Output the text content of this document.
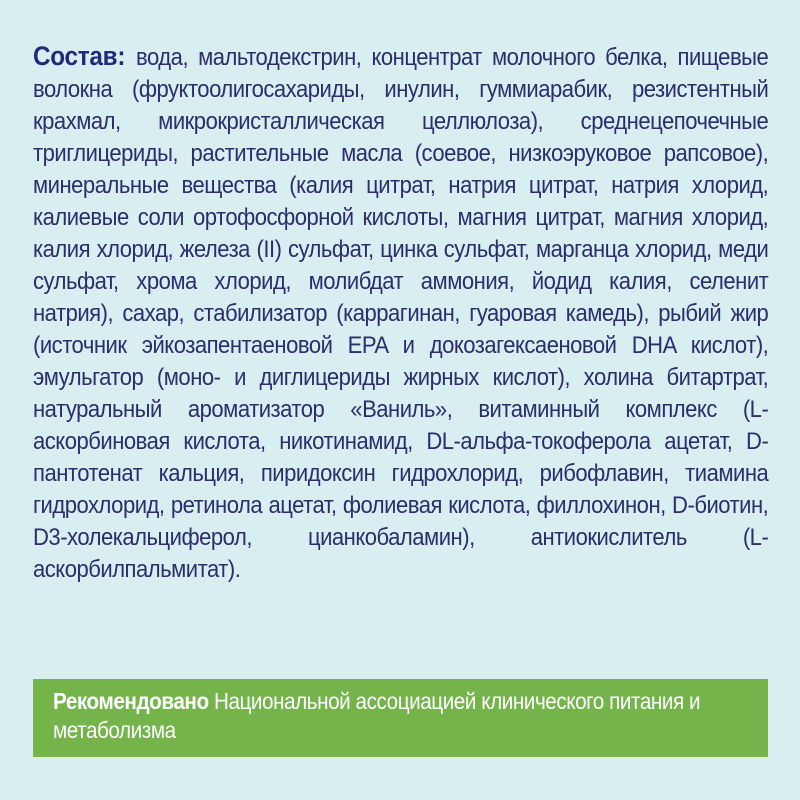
Состав: вода, мальтодекстрин, концентрат молочного белка, пищевые волокна (фруктоолигосахариды, инулин, гуммиарабик, резистентный крахмал, микрокристаллическая целлюлоза), среднецепочечные триглицериды, растительные масла (соевое, низкоэруковое рапсовое), минеральные вещества (калия цитрат, натрия цитрат, натрия хлорид, калиевые соли ортофосфорной кислоты, магния цитрат, магния хлорид, калия хлорид, железа (II) сульфат, цинка сульфат, марганца хлорид, меди сульфат, хрома хлорид, молибдат аммония, йодид калия, селенит натрия), сахар, стабилизатор (каррагинан, гуаровая камедь), рыбий жир (источник эйкозапентаеновой EPA и докозагексаеновой DHA кислот), эмульгатор (моно- и диглицериды жирных кислот), холина битартрат, натуральный ароматизатор «Ваниль», витаминный комплекс (L-аскорбиновая кислота, никотинамид, DL-альфа-токоферола ацетат, D-пантотенат кальция, пиридоксин гидрохлорид, рибофлавин, тиамина гидрохлорид, ретинола ацетат, фолиевая кислота, филлохинон, D-биотин, D3-холекальциферол, цианкобаламин), антиокислитель (L-аскорбилпальмитат).
Рекомендовано Национальной ассоциацией клинического питания и метаболизма
